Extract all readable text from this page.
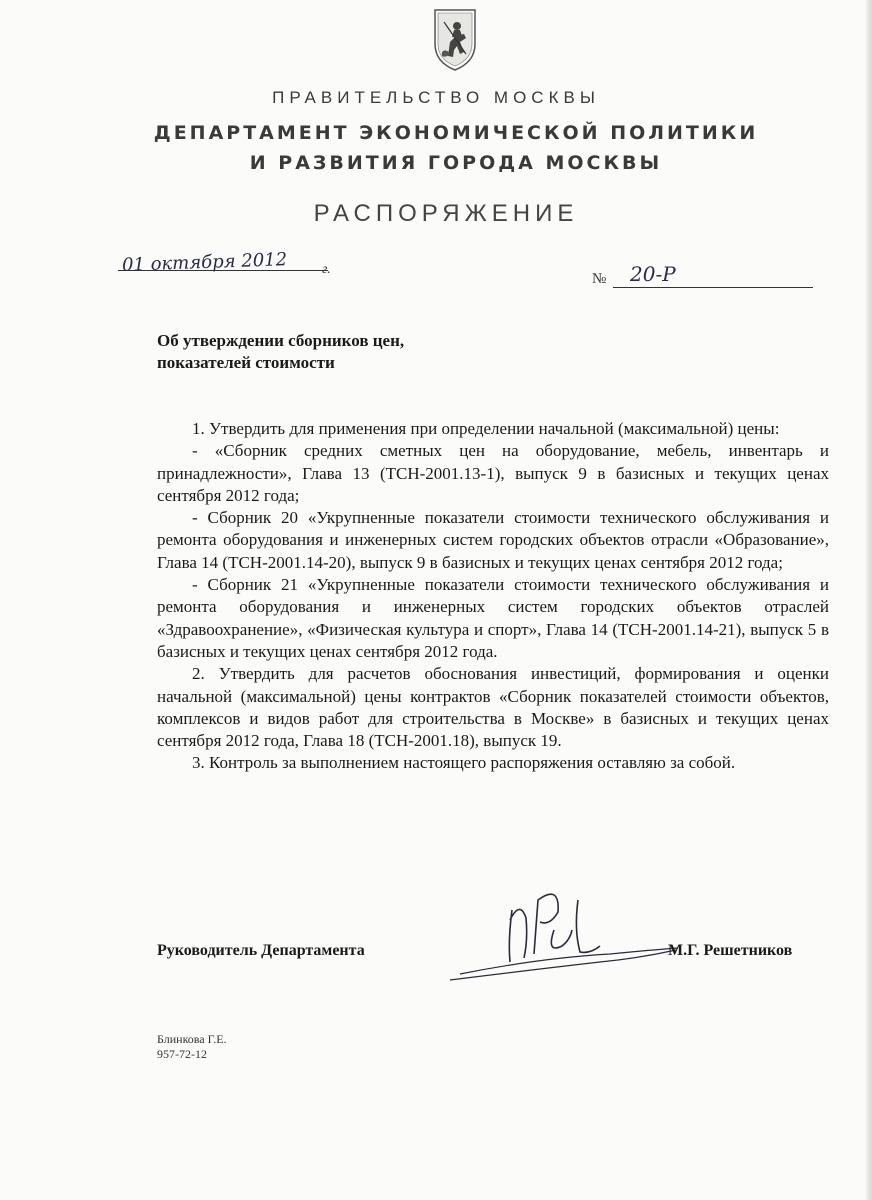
ПРАВИТЕЛЬСТВО МОСКВЫ
ДЕПАРТАМЕНТ ЭКОНОМИЧЕСКОЙ ПОЛИТИКИ
И РАЗВИТИЯ ГОРОДА МОСКВЫ
РАСПОРЯЖЕНИЕ
01 октября 2012 г.
№ 20-Р
Об утверждении сборников цен,
показателей стоимости

1. Утвердить для применения при определении начальной (максимальной) цены:

- «Сборник средних сметных цен на оборудование, мебель, инвентарь и принадлежности», Глава 13 (ТСН-2001.13-1), выпуск 9 в базисных и текущих ценах сентября 2012 года;

- Сборник 20 «Укрупненные показатели стоимости технического обслуживания и ремонта оборудования и инженерных систем городских объектов отрасли «Образование», Глава 14 (ТСН-2001.14-20), выпуск 9 в базисных и текущих ценах сентября 2012 года;

- Сборник 21 «Укрупненные показатели стоимости технического обслуживания и ремонта оборудования и инженерных систем городских объектов отраслей «Здравоохранение», «Физическая культура и спорт», Глава 14 (ТСН-2001.14-21), выпуск 5 в базисных и текущих ценах сентября 2012 года.

2. Утвердить для расчетов обоснования инвестиций, формирования и оценки начальной (максимальной) цены контрактов «Сборник показателей стоимости объектов, комплексов и видов работ для строительства в Москве» в базисных и текущих ценах сентября 2012 года, Глава 18 (ТСН-2001.18), выпуск 19.

3. Контроль за выполнением настоящего распоряжения оставляю за собой.

Руководитель Департамента	М.Г. Решетников
Блинкова Г.Е.
957-72-12
